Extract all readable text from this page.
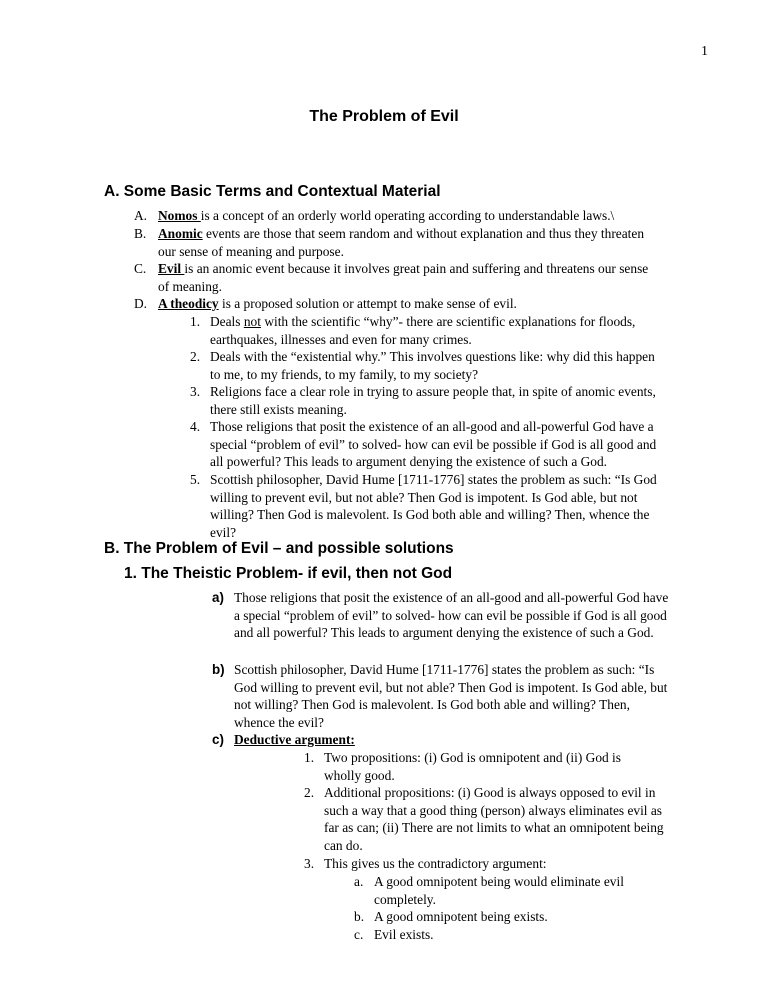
1
The Problem of Evil
A. Some Basic Terms and Contextual Material
A. Nomos is a concept of an orderly world operating according to understandable laws.\
B. Anomic events are those that seem random and without explanation and thus they threaten our sense of meaning and purpose.
C. Evil is an anomic event because it involves great pain and suffering and threatens our sense of meaning.
D. A theodicy is a proposed solution or attempt to make sense of evil.
1. Deals not with the scientific “why”- there are scientific explanations for floods, earthquakes, illnesses and even for many crimes.
2. Deals with the “existential why.” This involves questions like: why did this happen to me, to my friends, to my family, to my society?
3. Religions face a clear role in trying to assure people that, in spite of anomic events, there still exists meaning.
4. Those religions that posit the existence of an all-good and all-powerful God have a special “problem of evil” to solved- how can evil be possible if God is all good and all powerful? This leads to argument denying the existence of such a God.
5. Scottish philosopher, David Hume [1711-1776] states the problem as such: “Is God willing to prevent evil, but not able? Then God is impotent. Is God able, but not willing? Then God is malevolent. Is God both able and willing? Then, whence the evil?
B. The Problem of Evil – and possible solutions
1. The Theistic Problem- if evil, then not God
a) Those religions that posit the existence of an all-good and all-powerful God have a special “problem of evil” to solved- how can evil be possible if God is all good and all powerful? This leads to argument denying the existence of such a God.
b) Scottish philosopher, David Hume [1711-1776] states the problem as such: “Is God willing to prevent evil, but not able? Then God is impotent. Is God able, but not willing? Then God is malevolent. Is God both able and willing? Then, whence the evil?
c) Deductive argument:
1. Two propositions: (i) God is omnipotent and (ii) God is wholly good.
2. Additional propositions: (i) Good is always opposed to evil in such a way that a good thing (person) always eliminates evil as far as can; (ii) There are not limits to what an omnipotent being can do.
3. This gives us the contradictory argument:
a. A good omnipotent being would eliminate evil completely.
b. A good omnipotent being exists.
c. Evil exists.
